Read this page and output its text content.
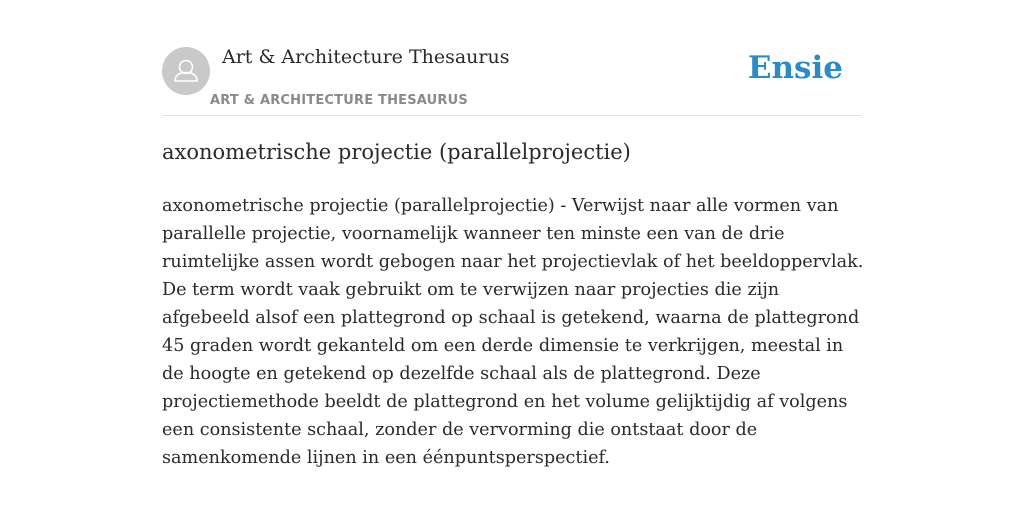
Art & Architecture Thesaurus
ART & ARCHITECTURE THESAURUS
Ensie
axonometrische projectie (parallelprojectie)

axonometrische projectie (parallelprojectie) - Verwijst naar alle vormen van parallelle projectie, voornamelijk wanneer ten minste een van de drie ruimtelijke assen wordt gebogen naar het projectievlak of het beeldoppervlak. De term wordt vaak gebruikt om te verwijzen naar projecties die zijn afgebeeld alsof een plattegrond op schaal is getekend, waarna de plattegrond 45 graden wordt gekanteld om een derde dimensie te verkrijgen, meestal in de hoogte en getekend op dezelfde schaal als de plattegrond. Deze projectiemethode beeldt de plattegrond en het volume gelijktijdig af volgens een consistente schaal, zonder de vervorming die ontstaat door de samenkomende lijnen in een éénpuntsperspectief.
